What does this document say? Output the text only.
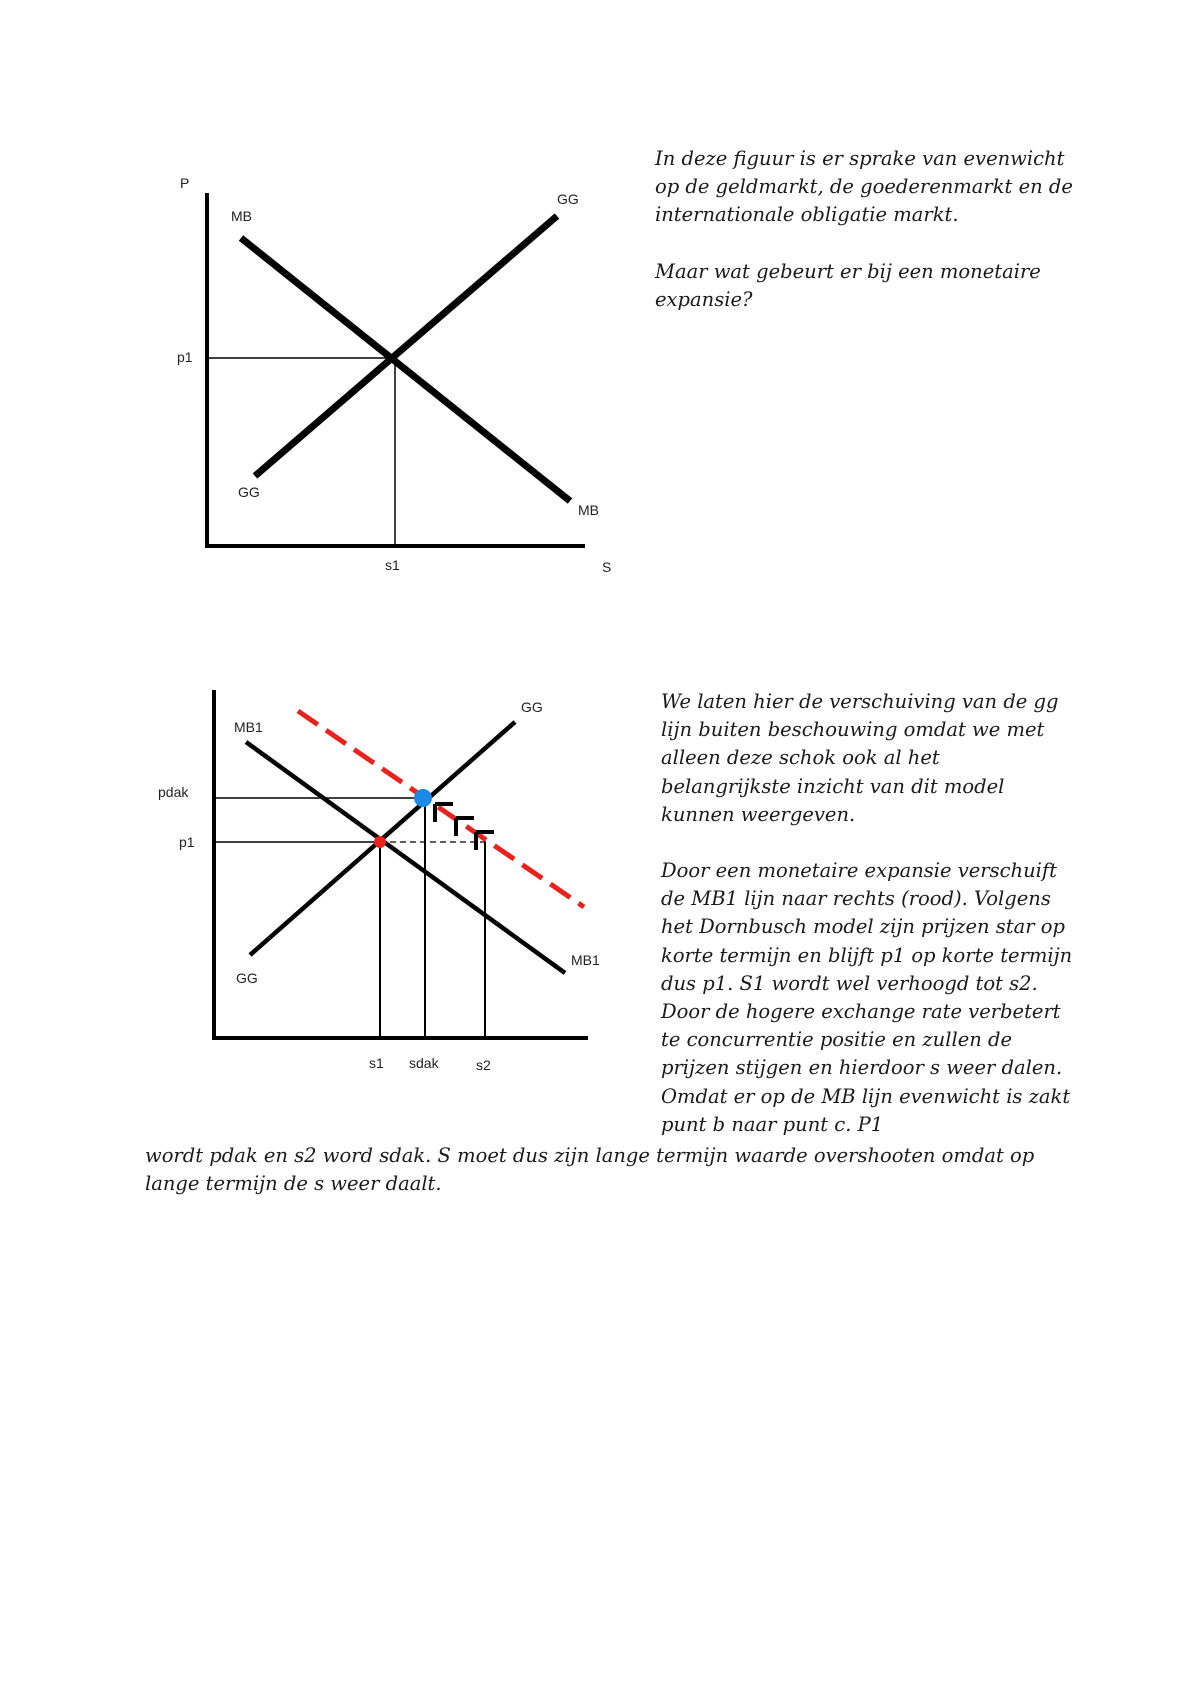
P
MB
GG
p1
GG
MB
s1	S
MB1
GG
pdak
p1
MB1
GG
s1 sdak	s2

In deze figuur is er sprake van evenwicht op de geldmarkt, de goederenmarkt en de internationale obligatie markt.

Maar wat gebeurt er bij een monetaire expansie?

We laten hier de verschuiving van de gg lijn buiten beschouwing omdat we met alleen deze schok ook al het belangrijkste inzicht van dit model kunnen weergeven.

Door een monetaire expansie verschuift de MB1 lijn naar rechts (rood). Volgens het Dornbusch model zijn prijzen star op korte termijn en blijft p1 op korte termijn dus p1. S1 wordt wel verhoogd tot s2. Door de hogere exchange rate verbetert te concurrentie positie en zullen de prijzen stijgen en hierdoor s weer dalen. Omdat er op de MB lijn evenwicht is zakt punt b naar punt c. P1

wordt pdak en s2 word sdak. S moet dus zijn lange termijn waarde overshooten omdat op lange termijn de s weer daalt.
